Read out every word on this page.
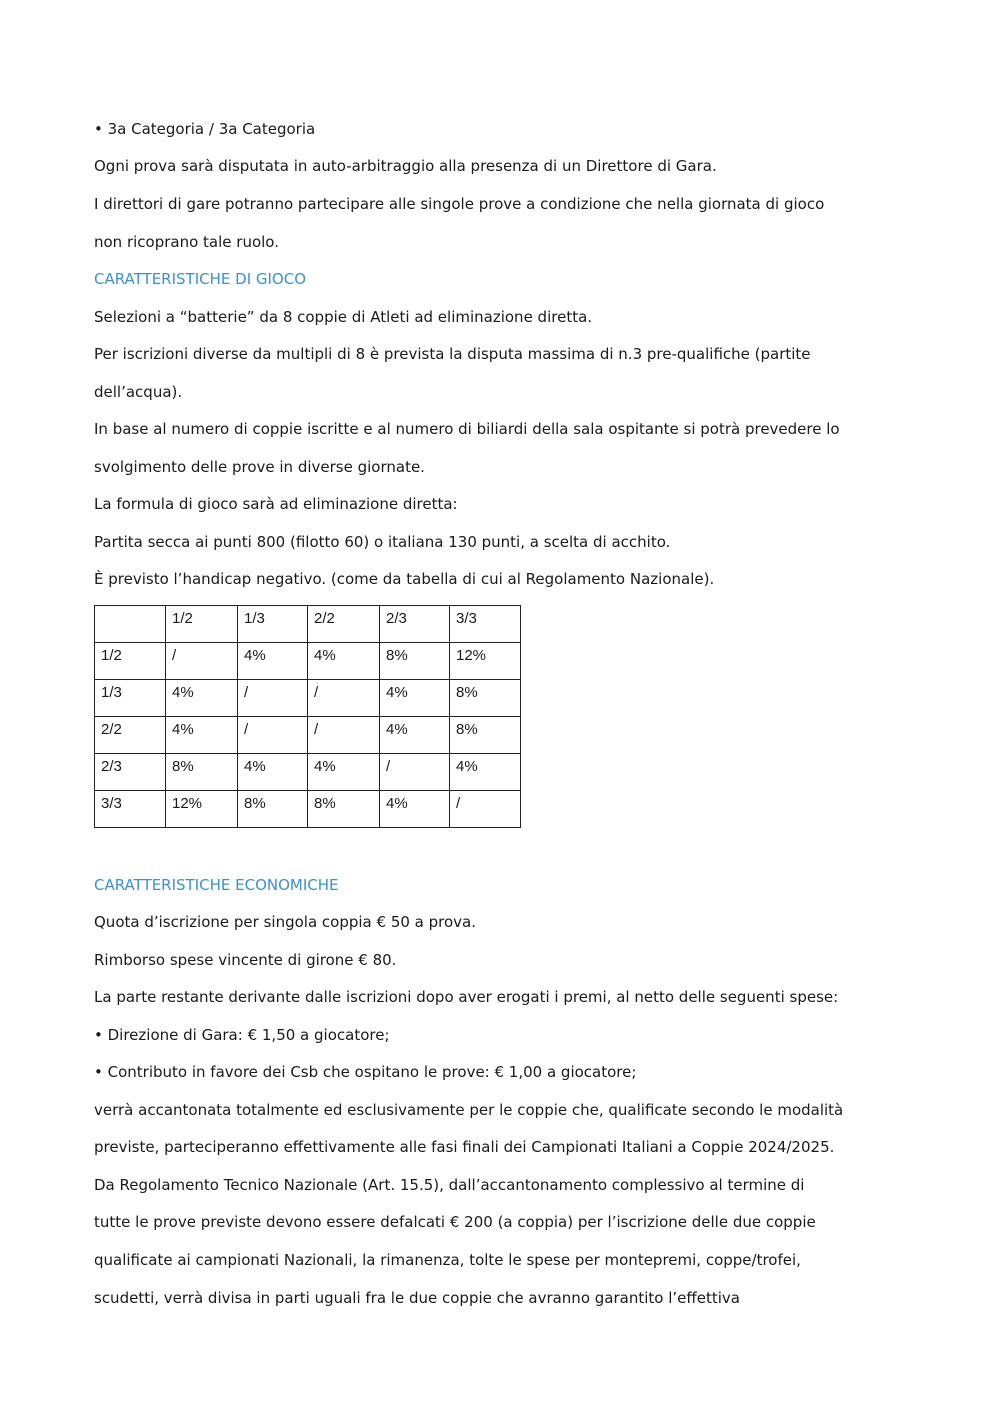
• 3a Categoria / 3a Categoria
Ogni prova sarà disputata in auto-arbitraggio alla presenza di un Direttore di Gara.
I direttori di gare potranno partecipare alle singole prove a condizione che nella giornata di gioco
non ricoprano tale ruolo.
CARATTERISTICHE DI GIOCO
Selezioni a “batterie” da 8 coppie di Atleti ad eliminazione diretta.
Per iscrizioni diverse da multipli di 8 è prevista la disputa massima di n.3 pre-qualifiche (partite
dell’acqua).
In base al numero di coppie iscritte e al numero di biliardi della sala ospitante si potrà prevedere lo
svolgimento delle prove in diverse giornate.
La formula di gioco sarà ad eliminazione diretta:
Partita secca ai punti 800 (filotto 60) o italiana 130 punti, a scelta di acchito.
È previsto l’handicap negativo. (come da tabella di cui al Regolamento Nazionale).
	1/2	1/3	2/2	2/3	3/3
1/2	/	4%	4%	8%	12%
1/3	4%	/	/	4%	8%
2/2	4%	/	/	4%	8%
2/3	8%	4%	4%	/	4%
3/3	12%	8%	8%	4%	/
CARATTERISTICHE ECONOMICHE
Quota d’iscrizione per singola coppia € 50 a prova.
Rimborso spese vincente di girone € 80.
La parte restante derivante dalle iscrizioni dopo aver erogati i premi, al netto delle seguenti spese:
• Direzione di Gara: € 1,50 a giocatore;
• Contributo in favore dei Csb che ospitano le prove: € 1,00 a giocatore;
verrà accantonata totalmente ed esclusivamente per le coppie che, qualificate secondo le modalità
previste, parteciperanno effettivamente alle fasi finali dei Campionati Italiani a Coppie 2024/2025.
Da Regolamento Tecnico Nazionale (Art. 15.5), dall’accantonamento complessivo al termine di
tutte le prove previste devono essere defalcati € 200 (a coppia) per l’iscrizione delle due coppie
qualificate ai campionati Nazionali, la rimanenza, tolte le spese per montepremi, coppe/trofei,
scudetti, verrà divisa in parti uguali fra le due coppie che avranno garantito l’effettiva
